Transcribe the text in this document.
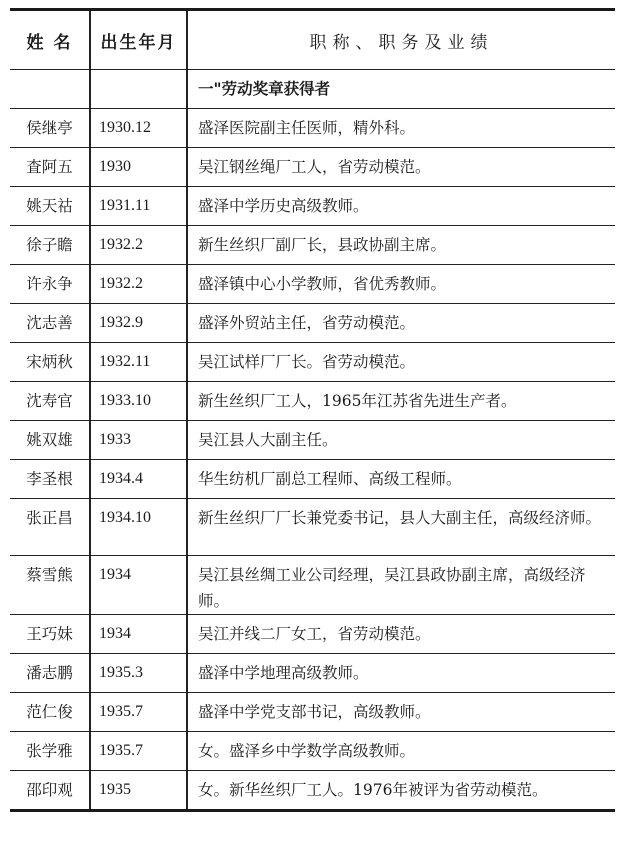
姓 名	出生年月	职称、职务及业绩
		一"劳动奖章获得者
侯继亭	1930.12	盛泽医院副主任医师，精外科。
査阿五	1930	吴江钢丝绳厂工人，省劳动模范。
姚天祜	1931.11	盛泽中学历史高级教师。
徐子瞻	1932.2	新生丝织厂副厂长，县政协副主席。
许永争	1932.2	盛泽镇中心小学教师，省优秀教师。
沈志善	1932.9	盛泽外贸站主任，省劳动模范。
宋炳秋	1932.11	吴江试样厂厂长。省劳动模范。
沈寿官	1933.10	新生丝织厂工人，1965年江苏省先进生产者。
姚双雄	1933	吴江县人大副主任。
李圣根	1934.4	华生纺机厂副总工程师、高级工程师。
张正昌	1934.10	新生丝织厂厂长兼党委书记，县人大副主任，高级经济师。
蔡雪熊	1934	吴江县丝绸工业公司经理，吴江县政协副主席，高级经济师。
王巧妹	1934	吴江并线二厂女工，省劳动模范。
潘志鹏	1935.3	盛泽中学地理高级教师。
范仁俊	1935.7	盛泽中学党支部书记，高级教师。
张学雅	1935.7	女。盛泽乡中学数学高级教师。
邵印观	1935	女。新华丝织厂工人。1976年被评为省劳动模范。
